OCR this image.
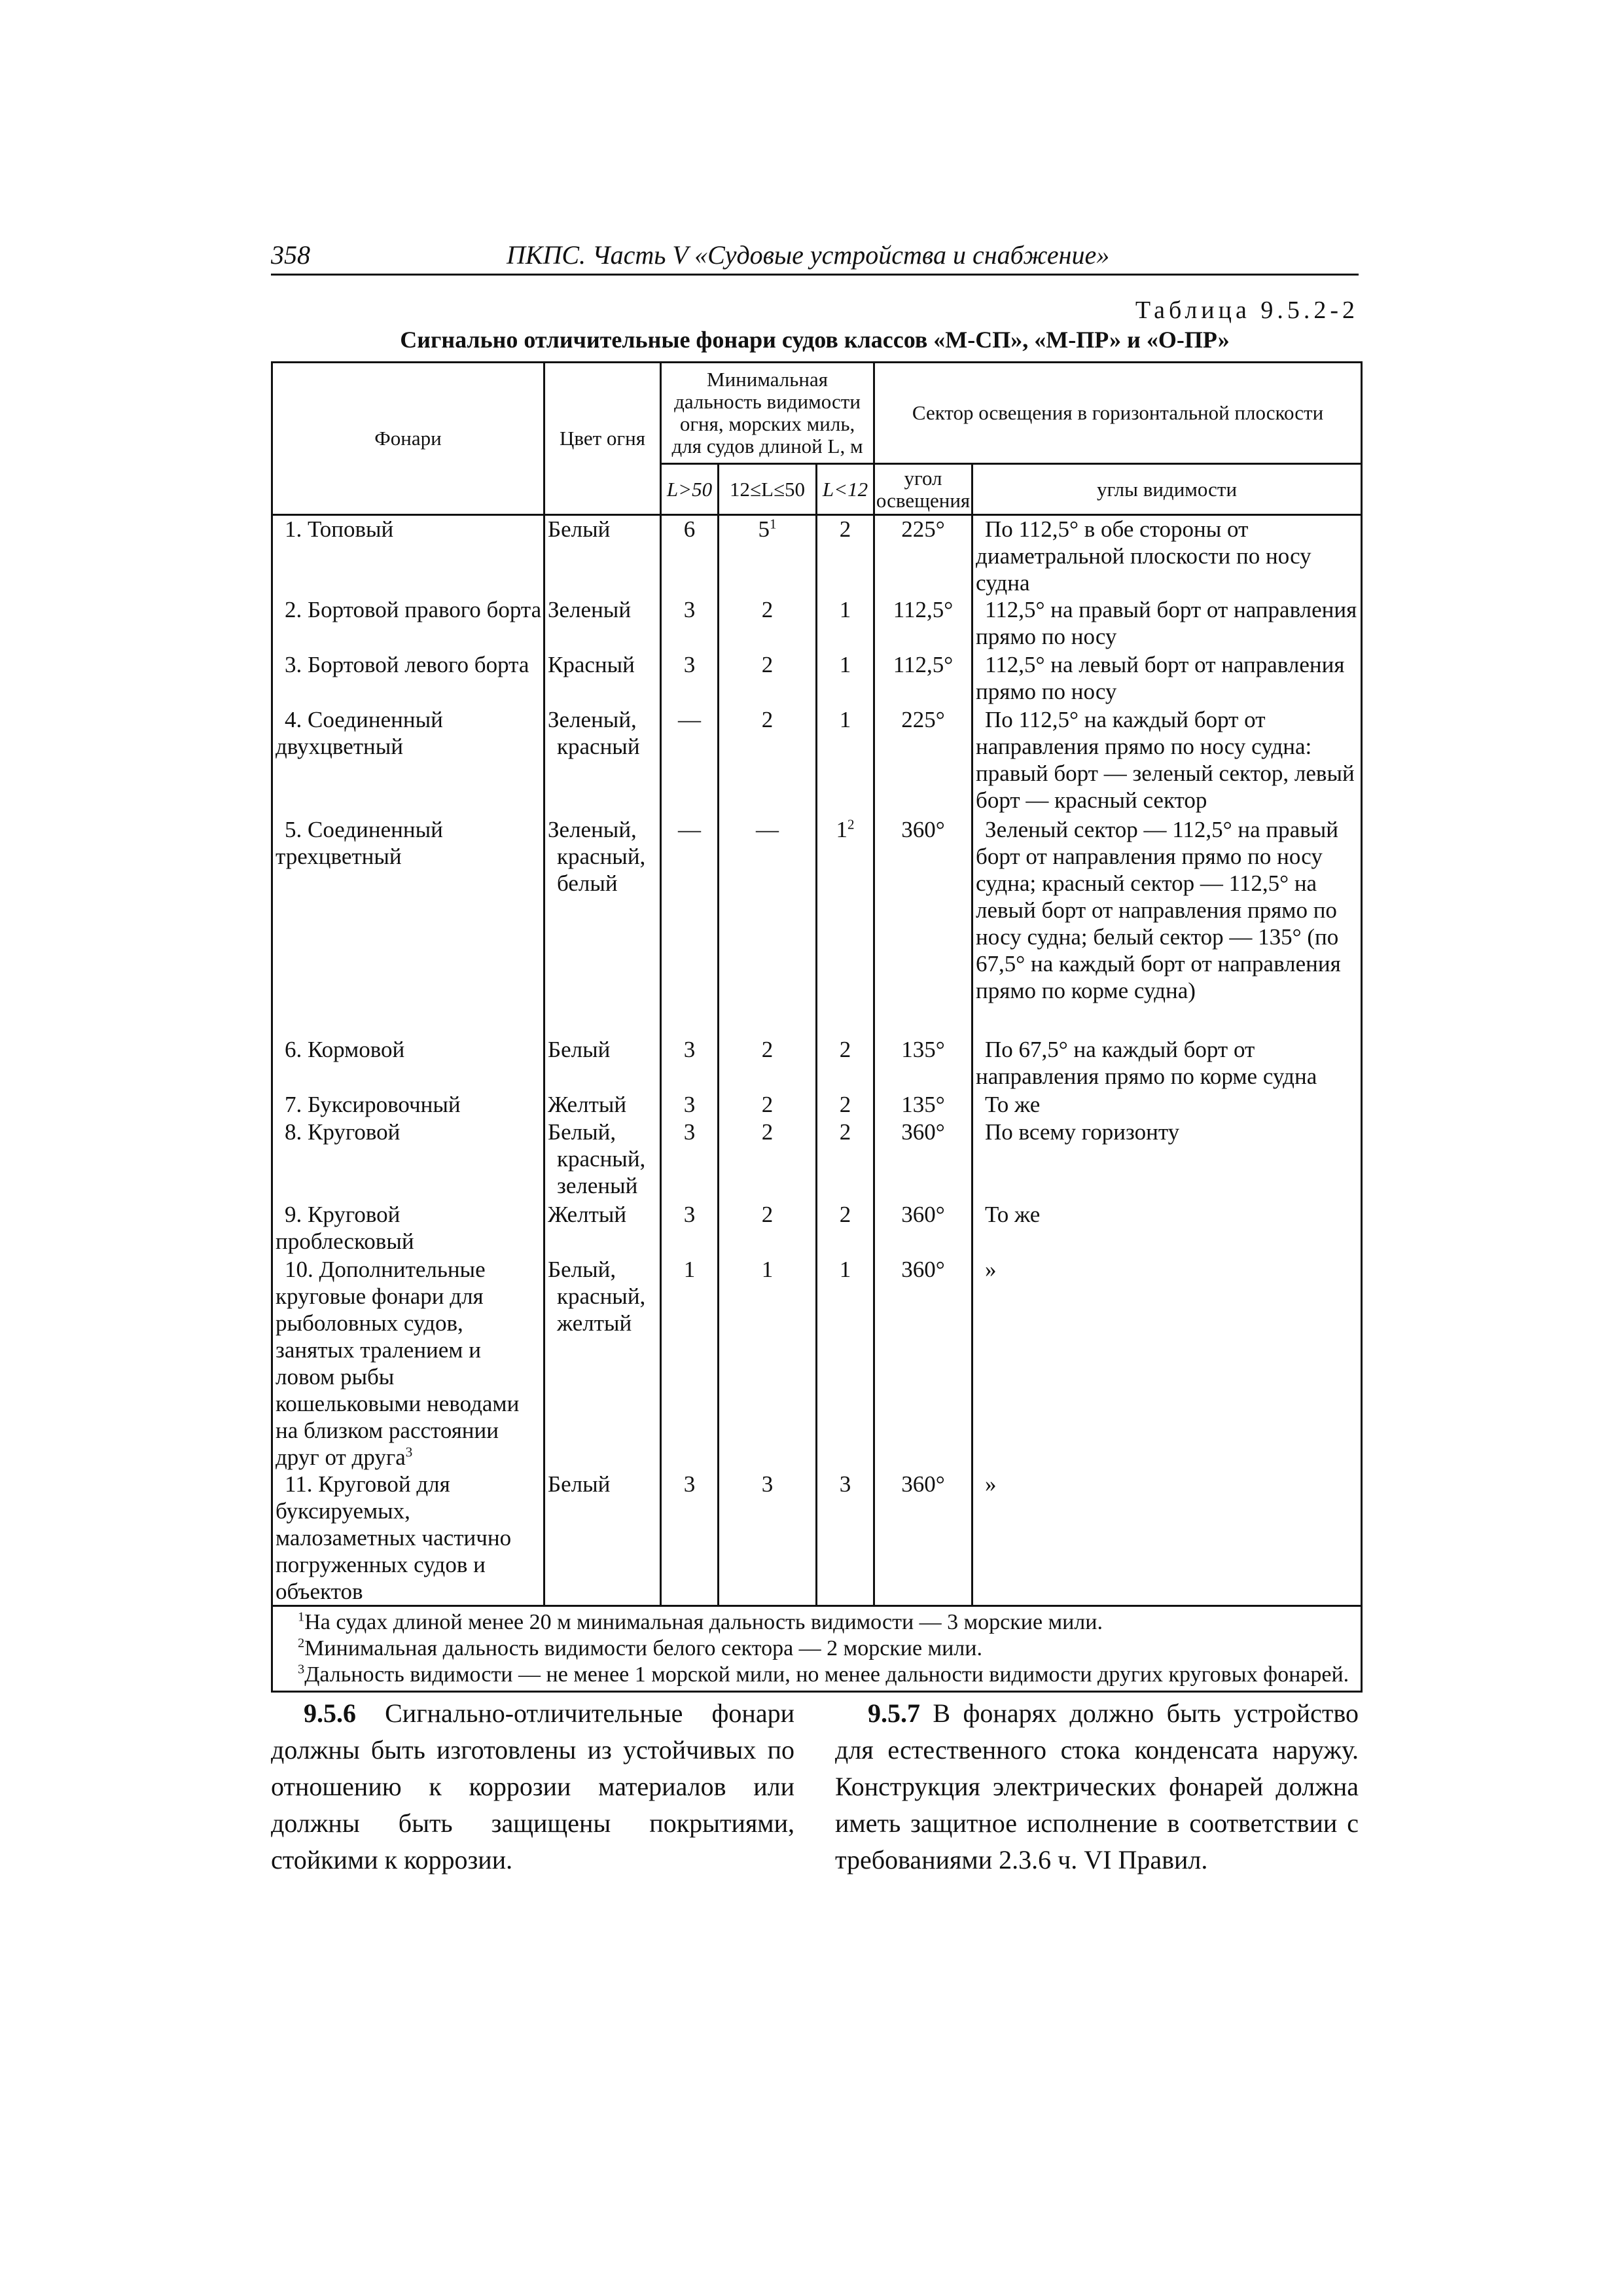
358	ПКПС. Часть V «Судовые устройства и снабжение»
Таблица 9.5.2-2
Сигнально отличительные фонари судов классов «М-СП», «М-ПР» и «О-ПР»
Фонари	Цвет огня	Минимальная дальность видимости огня, морских миль, для судов длиной L, м			Сектор освещения в горизонтальной плоскости	
		L>50	12≤L≤50	L<12	угол освещения	углы видимости
1. Топовый	Белый	6	$5^1$	2	225°	По 112,5° в обе стороны от диаметральной плоскости по носу судна
2. Бортовой правого борта	Зеленый	3	2	1	112,5°	112,5° на правый борт от направления прямо по носу
3. Бортовой левого борта	Красный	3	2	1	112,5°	112,5° на левый борт от направления прямо по носу
4. Соединенный двухцветный	Зеленый, красный	—	2	1	225°	По 112,5° на каждый борт от направления прямо по носу судна: правый борт — зеленый сектор, левый борт — красный сектор
5. Соединенный трехцветный	Зеленый, красный, белый	—	—	$1^2$	360°	Зеленый сектор — 112,5° на правый борт от направления прямо по носу судна; красный сектор — 112,5° на левый борт от направления прямо по носу судна; белый сектор — 135° (по 67,5° на каждый борт от направления прямо по корме судна)
6. Кормовой	Белый	3	2	2	135°	По 67,5° на каждый борт от направления прямо по корме судна
7. Буксировочный	Желтый	3	2	2	135°	То же
8. Круговой	Белый, красный, зеленый	3	2	2	360°	По всему горизонту
9. Круговой проблесковый	Желтый	3	2	2	360°	То же
10. Дополнительные круговые фонари для рыболовных судов, занятых тралением и ловом рыбы кошельковыми неводами на близком расстоянии друг от друга$^3$	Белый, красный, желтый	1	1	1	360°	»
11. Круговой для буксируемых, малозаметных частично погруженных судов и объектов	Белый	3	3	3	360°	»

$^1$На судах длиной менее 20 м минимальная дальность видимости — 3 морские мили.
$^2$Минимальная дальность видимости белого сектора — 2 морские мили.
$^3$Дальность видимости — не менее 1 морской мили, но менее дальности видимости других круговых фонарей.						

9.5.6 Сигнально-отличительные фонари должны быть изготовлены из устойчивых по отношению к коррозии материалов или должны быть защищены покрытиями, стойкими к коррозии.

9.5.7 В фонарях должно быть устройство для естественного стока конденсата наружу. Конструкция электрических фонарей должна иметь защитное исполнение в соответствии с требованиями 2.3.6 ч. VI Правил.
